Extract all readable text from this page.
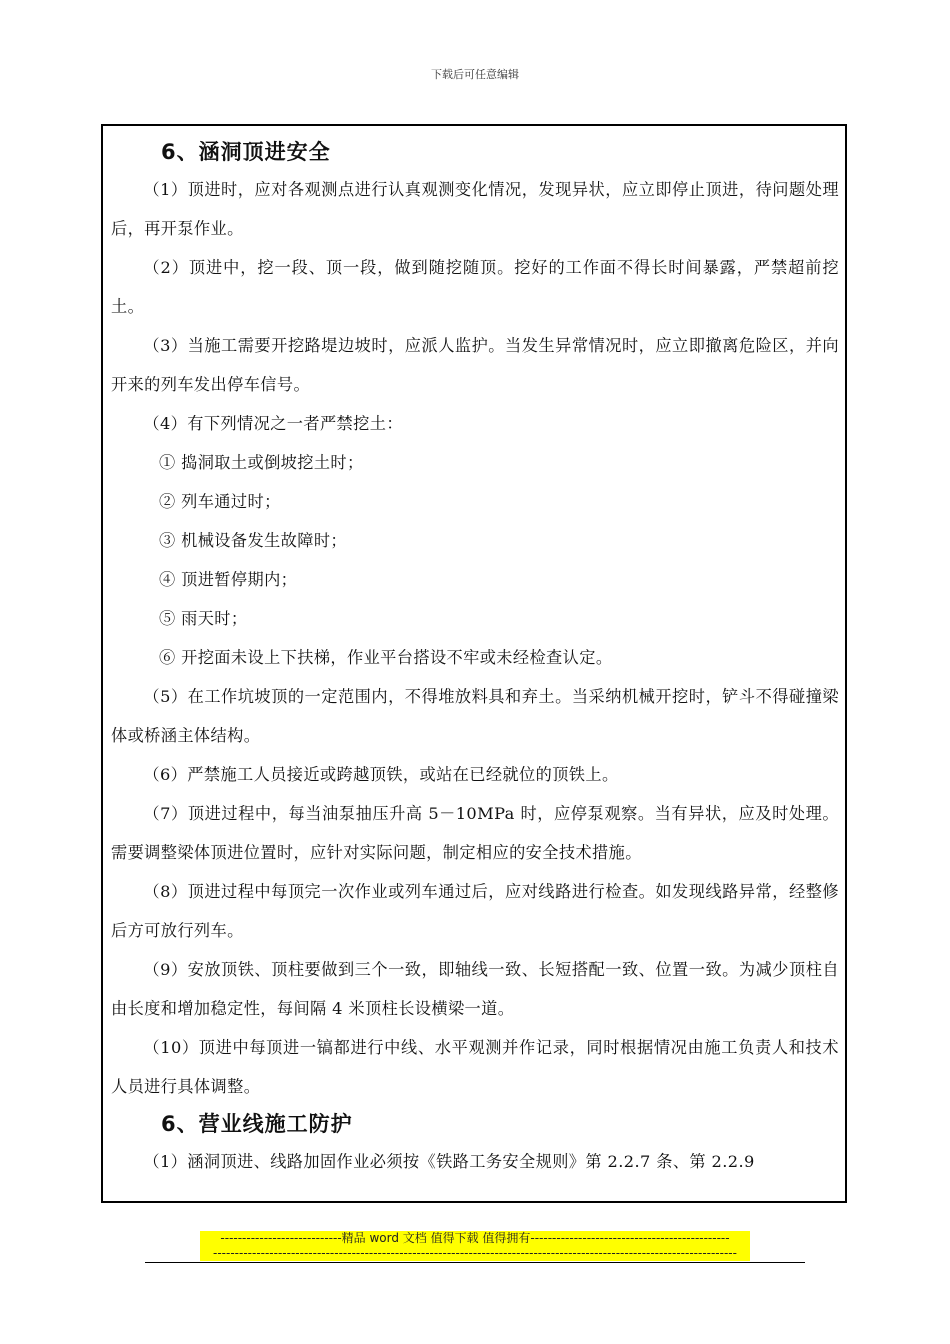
下载后可任意编辑
6、涵洞顶进安全

（1）顶进时，应对各观测点进行认真观测变化情况，发现异状，应立即停止顶进，待问题处理后，再开泵作业。

（2）顶进中，挖一段、顶一段，做到随挖随顶。挖好的工作面不得长时间暴露，严禁超前挖土。

（3）当施工需要开挖路堤边坡时，应派人监护。当发生异常情况时，应立即撤离危险区，并向开来的列车发出停车信号。

（4）有下列情况之一者严禁挖土：

① 捣洞取土或倒坡挖土时；

② 列车通过时；

③ 机械设备发生故障时；

④ 顶进暂停期内；

⑤ 雨天时；

⑥ 开挖面未设上下扶梯，作业平台搭设不牢或未经检查认定。

（5）在工作坑坡顶的一定范围内，不得堆放料具和弃土。当采纳机械开挖时，铲斗不得碰撞梁体或桥涵主体结构。

（6）严禁施工人员接近或跨越顶铁，或站在已经就位的顶铁上。

（7）顶进过程中，每当油泵抽压升高 5－10MPa 时，应停泵观察。当有异状，应及时处理。需要调整梁体顶进位置时，应针对实际问题，制定相应的安全技术措施。

（8）顶进过程中每顶完一次作业或列车通过后，应对线路进行检查。如发现线路异常，经整修后方可放行列车。

（9）安放顶铁、顶柱要做到三个一致，即轴线一致、长短搭配一致、位置一致。为减少顶柱自由长度和增加稳定性，每间隔 4 米顶柱长设横梁一道。

（10）顶进中每顶进一镐都进行中线、水平观测并作记录，同时根据情况由施工负责人和技术人员进行具体调整。

6、营业线施工防护

（1）涵洞顶进、线路加固作业必须按《铁路工务安全规则》第 2.2.7 条、第 2.2.9

----------------------------精品 word 文档 值得下载 值得拥有----------------------------------------------
-------------------------------------------------------------------------------------------------------------------------
